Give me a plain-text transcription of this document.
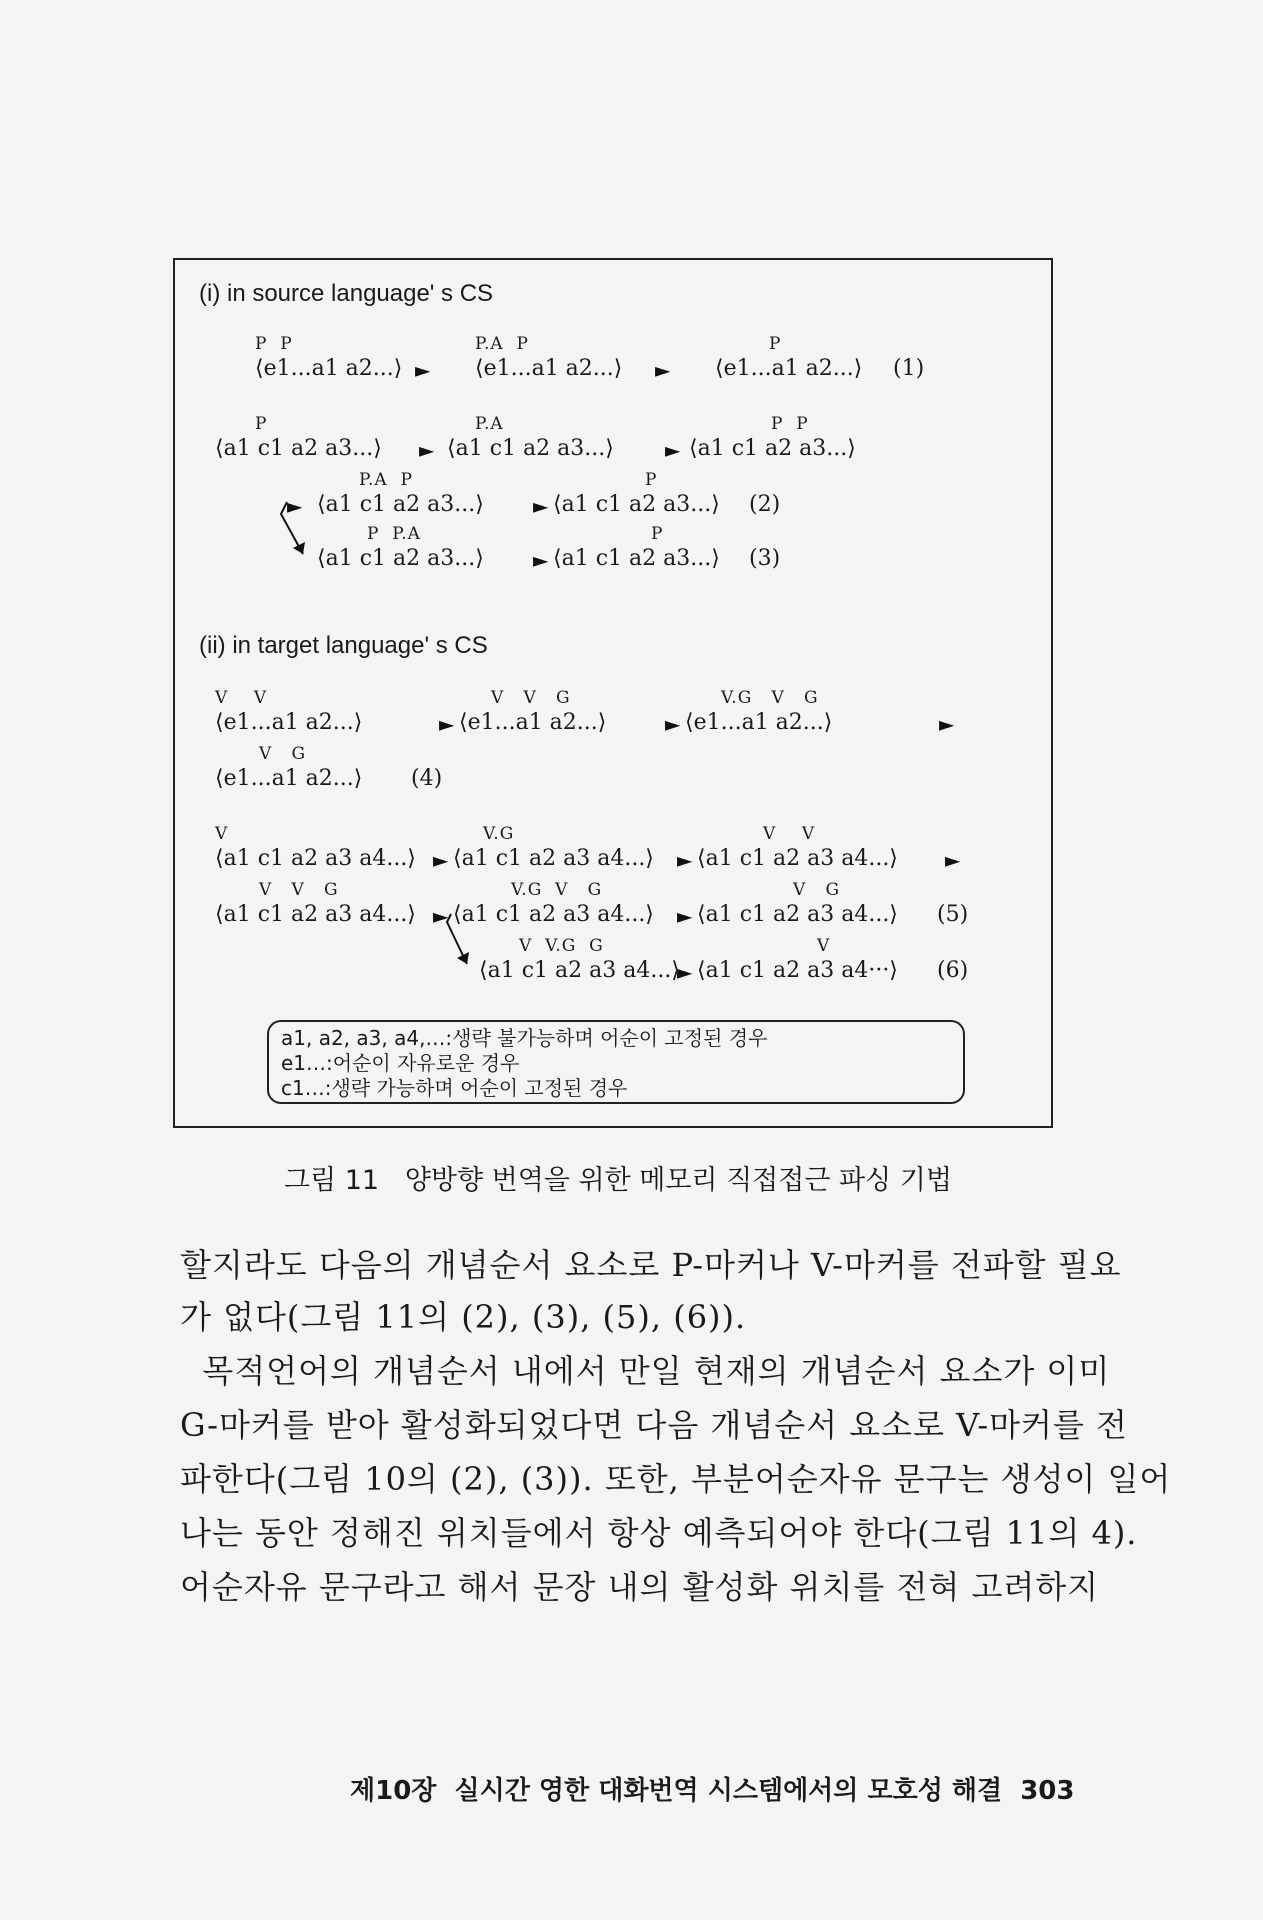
(i) in source language' s CS
P  P	P.A  P	P
⟨e1...a1 a2...⟩ ► ⟨e1...a1 a2...⟩ ► ⟨e1...a1 a2...⟩ (1)
P	P.A	P  P
⟨a1 c1 a2 a3...⟩ ► ⟨a1 c1 a2 a3...⟩	► ⟨a1 c1 a2 a3...⟩
P.A  P	P
► ⟨a1 c1 a2 a3...⟩ ► ⟨a1 c1 a2 a3...⟩ (2)
P  P.A	P
⟨a1 c1 a2 a3...⟩ ► ⟨a1 c1 a2 a3...⟩ (3)
(ii) in target language' s CS
V    V	V   V   G	V.G   V   G
⟨e1...a1 a2...⟩	► ⟨e1...a1 a2...⟩	► ⟨e1...a1 a2...⟩	►
V   G
⟨e1...a1 a2...⟩ (4)
V	V.G	V    V
⟨a1 c1 a2 a3 a4...⟩ ► ⟨a1 c1 a2 a3 a4...⟩ ► ⟨a1 c1 a2 a3 a4...⟩ ►
V   V   G	V.G  V   G	V   G
⟨a1 c1 a2 a3 a4...⟩ ► ⟨a1 c1 a2 a3 a4...⟩ ► ⟨a1 c1 a2 a3 a4...⟩ (5)
V  V.G  G	V
⟨a1 c1 a2 a3 a4...⟩
► ⟨a1 c1 a2 a3 a4···⟩ (6)
a1, a2, a3, a4,…:생략 불가능하며 어순이 고정된 경우
e1…:어순이 자유로운 경우
c1…:생략 가능하며 어순이 고정된 경우
그림 11   양방향 번역을 위한 메모리 직접접근 파싱 기법
할지라도 다음의 개념순서 요소로 P-마커나 V-마커를 전파할 필요
가 없다(그림 11의 (2), (3), (5), (6)).
목적언어의 개념순서 내에서 만일 현재의 개념순서 요소가 이미
G-마커를 받아 활성화되었다면 다음 개념순서 요소로 V-마커를 전
파한다(그림 10의 (2), (3)). 또한, 부분어순자유 문구는 생성이 일어
나는 동안 정해진 위치들에서 항상 예측되어야 한다(그림 11의 4).
어순자유 문구라고 해서 문장 내의 활성화 위치를 전혀 고려하지
제10장  실시간 영한 대화번역 시스템에서의 모호성 해결  303
